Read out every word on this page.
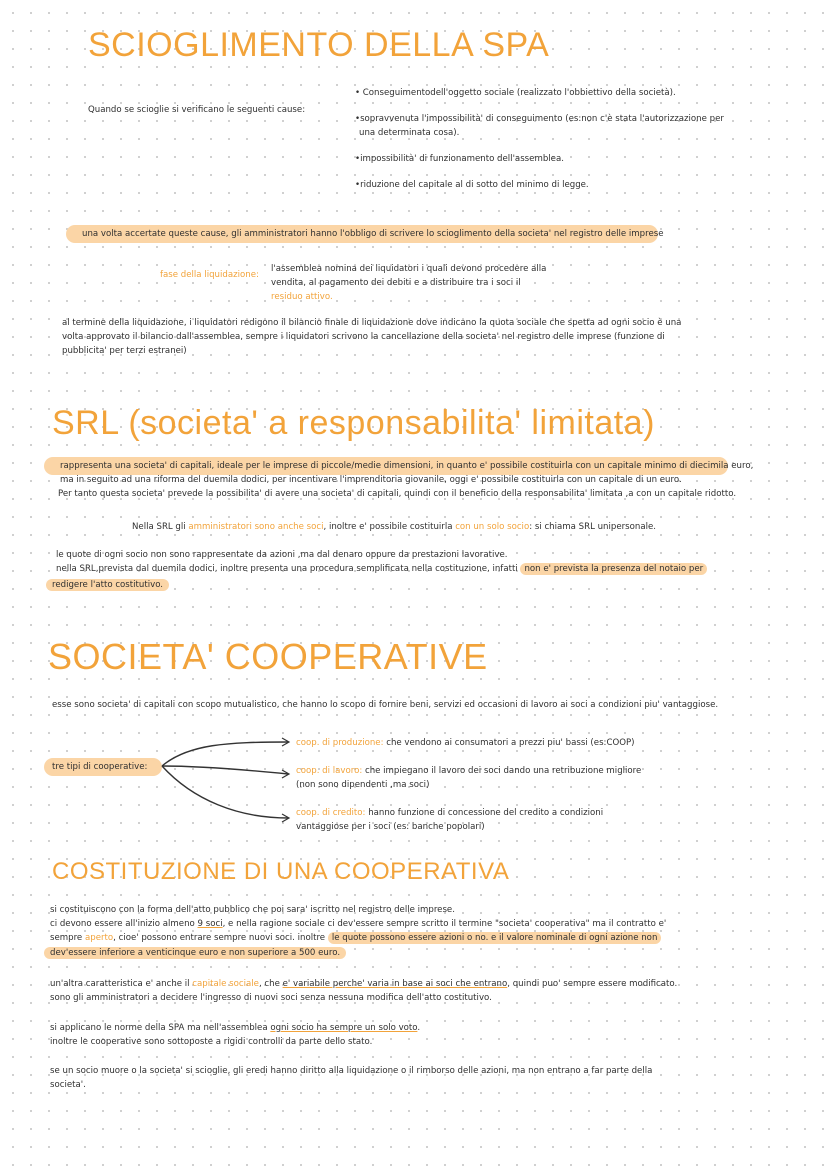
SCIOGLIMENTO DELLA SPA

Quando se scioglie si verificano le seguenti cause:

• Conseguimentodell'oggetto sociale (realizzato l'obbiettivo della società).

•sopravvenuta l'impossibilità' di conseguimento (es:non c'è stata l'autorizzazione per

una determinata cosa).

•impossibilità' di funzionamento dell'assemblea.

•riduzione del capitale al di sotto del minimo di legge.

una volta accertate queste cause, gli amministratori hanno l'obbligo di scrivere lo scioglimento della societa' nel registro delle imprese

fase della liquidazione:

l'assemblea nomina dei liquidatori i quali devono procedere alla

vendita, al pagamento dei debiti e a distribuire tra i soci il

residuo attivo.

al termine della liquidazione, i liquidatori redigono il bilancio finale di liquidazione dove indicano la quota sociale che spetta ad ogni socio è una

volta approvato il bilancio dall'assemblea, sempre i liquidatori scrivono la cancellazione della societa' nel registro delle imprese (funzione di

pubblicita' per terzi estranei)

SRL (societa' a responsabilita' limitata)

rappresenta una societa' di capitali, ideale per le imprese di piccole/medie dimensioni, in quanto e' possibile costituirla con un capitale minimo di diecimila euro,

ma in seguito ad una riforma del duemila dodici, per incentivare l'imprenditoria giovanile, oggi e' possibile costituirla con un capitale di un euro.

Per tanto questa societa' prevede la possibilita' di avere una societa' di capitali, quindi con il beneficio della responsabilita' limitata ,a con un capitale ridotto.

Nella SRL gli amministratori sono anche soci, inoltre e' possibile costituirla con un solo socio: si chiama SRL unipersonale.

le quote di ogni socio non sono rappresentate da azioni ,ma dal denaro oppure da prestazioni lavorative.

nella SRL,prevista dal duemila dodici, inoltre presenta una procedura semplificata nella costituzione, infatti non e' prevista la presenza del notaio per

redigere l'atto costitutivo.

SOCIETA' COOPERATIVE

esse sono societa' di capitali con scopo mutualistico, che hanno lo scopo di fornire beni, servizi ed occasioni di lavoro ai soci a condizioni piu' vantaggiose.

tre tipi di cooperative:

coop. di produzione: che vendono ai consumatori a prezzi piu' bassi (es:COOP)

coop. di lavoro: che impiegano il lavoro dei soci dando una retribuzione migliore

(non sono dipendenti ,ma soci)

coop. di credito: hanno funzione di concessione del credito a condizioni

vantaggiose per i soci (es: banche popolari)

COSTITUZIONE DI UNA COOPERATIVA

si costituiscono con la forma dell'atto pubblico che poi sara' iscritto nel registro delle imprese.

ci devono essere all'inizio almeno 9 soci, e nella ragione sociale ci dev'essere sempre scritto il termine "societa' cooperativa" ma il contratto e'

sempre aperto, cioe' possono entrare sempre nuovi soci. inoltre le quote possono essere azioni o no. e il valore nominale di ogni azione non

dev'essere inferiore a venticinque euro e non superiore a 500 euro.

un'altra caratteristica e' anche il capitale sociale, che e' variabile perche' varia in base ai soci che entrano, quindi puo' sempre essere modificato.

sono gli amministratori a decidere l'ingresso di nuovi soci senza nessuna modifica dell'atto costitutivo.

si applicano le norme della SPA ma nell'assemblea ogni socio ha sempre un solo voto.

inoltre le cooperative sono sottoposte a rigidi controlli da parte dello stato.

se un socio muore o la societa' si scioglie, gli eredi hanno diritto alla liquidazione o il rimborso delle azioni, ma non entrano a far parte della

societa'.
